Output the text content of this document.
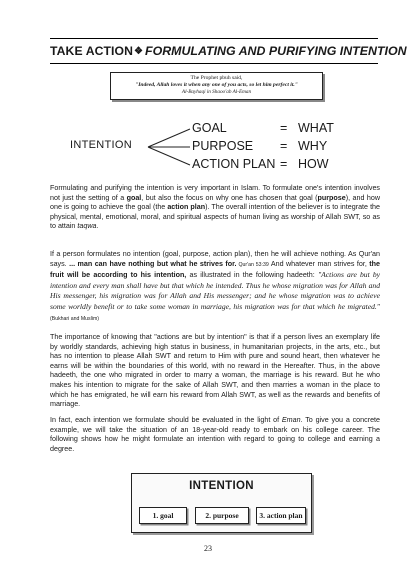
TAKE ACTION ❖ FORMULATING AND PURIFYING INTENTION
The Prophet pbuh said,
"Indeed, Allah loves it when any one of you acts, so let him perfect it."
Al-Bayhaqi in Shaoo'ab Al-Eman
INTENTION
GOAL	= WHAT
PURPOSE = WHY
ACTION PLAN = HOW
Formulating and purifying the intention is very important in Islam. To formulate one's intention involves not just the setting of a goal, but also the focus on why one has chosen that goal (purpose), and how one is going to achieve the goal (the action plan). The overall intention of the believer is to integrate the physical, mental, emotional, moral, and spiritual aspects of human living as worship of Allah SWT, so as to attain taqwa.
If a person formulates no intention (goal, purpose, action plan), then he will achieve nothing. As Qur'an says. ... man can have nothing but what he strives for. Qur'an 53:39 And whatever man strives for, the fruit will be according to his intention, as illustrated in the following hadeeth: "Actions are but by intention and every man shall have but that which he intended. Thus he whose migration was for Allah and His messenger, his migration was for Allah and His messenger; and he whose migration was to achieve some worldly benefit or to take some woman in marriage, his migration was for that which he migrated." (Bukhari and Muslim)
The importance of knowing that "actions are but by intention" is that if a person lives an exemplary life by worldly standards, achieving high status in business, in humanitarian projects, in the arts, etc., but has no intention to please Allah SWT and return to Him with pure and sound heart, then whatever he earns will be within the boundaries of this world, with no reward in the Hereafter. Thus, in the above hadeeth, the one who migrated in order to marry a woman, the marriage is his reward. But he who makes his intention to migrate for the sake of Allah SWT, and then marries a woman in the place to which he has emigrated, he will earn his reward from Allah SWT, as well as the rewards and benefits of marriage.
In fact, each intention we formulate should be evaluated in the light of Eman. To give you a concrete example, we will take the situation of an 18-year-old ready to embark on his college career. The following shows how he might formulate an intention with regard to going to college and earning a degree.
INTENTION
1. goal	2. purpose	3. action plan
23
